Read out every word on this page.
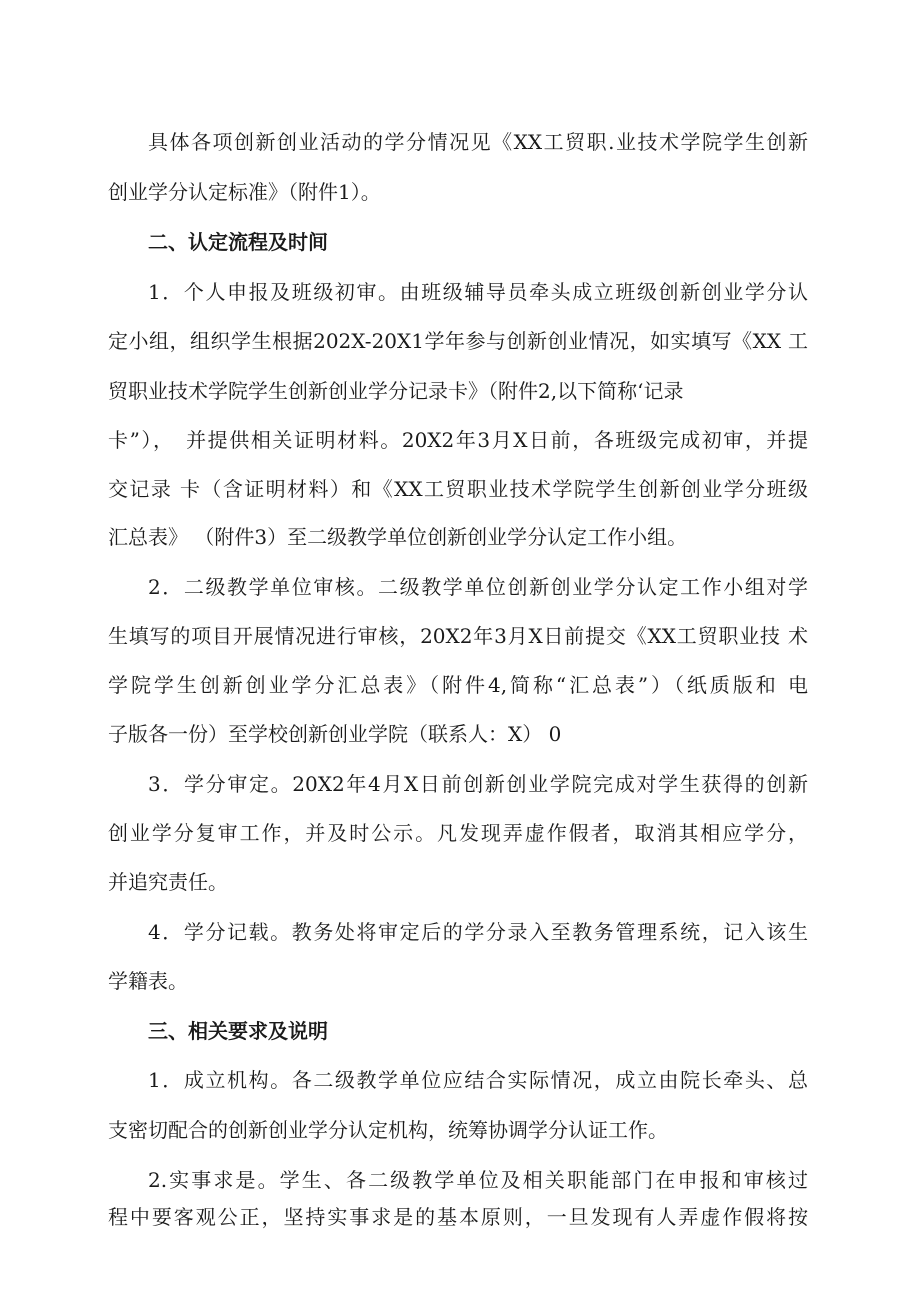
具体各项创新创业活动的学分情况见《XX工贸职.业技术学院学生创新
创业学分认定标准》（附件1）。
二、认定流程及时间
1．个人申报及班级初审。由班级辅导员牵头成立班级创新创业学分认
定小组，组织学生根据202X-20X1学年参与创新创业情况，如实填写《XX 工
贸职业技术学院学生创新创业学分记录卡》（附件2,以下简称‘记录
卡”），　并提供相关证明材料。20X2年3月X日前，各班级完成初审，并提
交记录 卡（含证明材料）和《XX工贸职业技术学院学生创新创业学分班级
汇总表》 （附件3）至二级教学单位创新创业学分认定工作小组。
2．二级教学单位审核。二级教学单位创新创业学分认定工作小组对学
生填写的项目开展情况进行审核，20X2年3月X日前提交《XX工贸职业技 术
学院学生创新创业学分汇总表》（附件4,简称“汇总表”）（纸质版和 电
子版各一份）至学校创新创业学院（联系人：X） 0
3．学分审定。20X2年4月X日前创新创业学院完成对学生获得的创新
创业学分复审工作，并及时公示。凡发现弄虚作假者，取消其相应学分，
并追究责任。
4．学分记载。教务处将审定后的学分录入至教务管理系统，记入该生
学籍表。
三、相关要求及说明
1．成立机构。各二级教学单位应结合实际情况，成立由院长牵头、总
支密切配合的创新创业学分认定机构，统筹协调学分认证工作。
2.实事求是。学生、各二级教学单位及相关职能部门在申报和审核过
程中要客观公正，坚持实事求是的基本原则，一旦发现有人弄虚作假将按
